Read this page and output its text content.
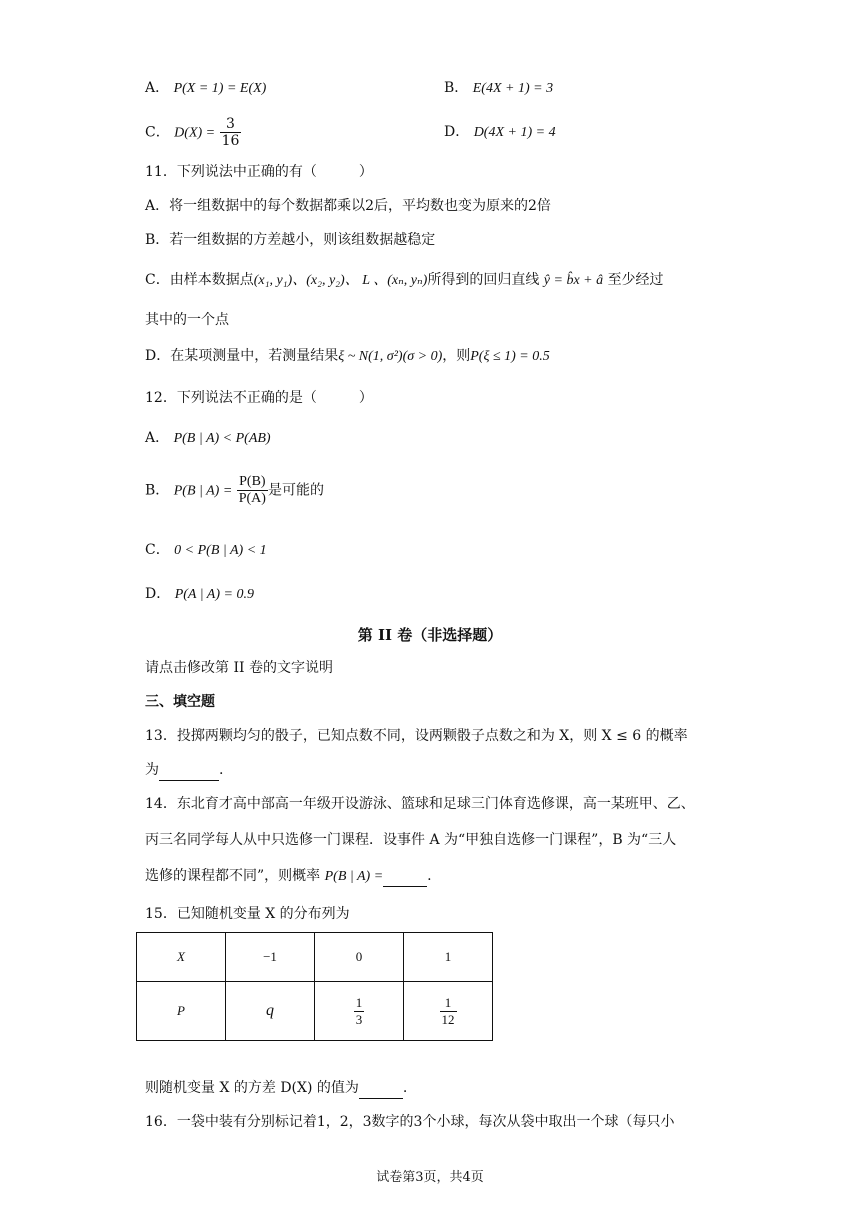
A． P(X = 1) = E(X)	B． E(4X + 1) = 3
C． $D(X) = \frac{3}{16}$	D． D(4X + 1) = 4
11．下列说法中正确的有（　　　）
A．将一组数据中的每个数据都乘以2后，平均数也变为原来的2倍
B．若一组数据的方差越小，则该组数据越稳定
C．由样本数据点(x₁, y₁)、(x₂, y₂)、 L 、(xₙ, yₙ)所得到的回归直线 ŷ = b̂x + â 至少经过
其中的一个点
D．在某项测量中，若测量结果ξ ~ N(1, σ²)(σ > 0)，则P(ξ ≤ 1) = 0.5
12．下列说法不正确的是（　　　）
A． P(B | A) < P(AB)
B． P(B | $A) = \frac{P(B)}{P(A)}$ 是可能的
C． 0 < P(B | A) < 1
D． P(A | A) = 0.9
第 II 卷（非选择题）
请点击修改第 II 卷的文字说明
三、填空题
13．投掷两颗均匀的骰子，已知点数不同，设两颗骰子点数之和为 X，则 X ≤ 6 的概率
为	.
14．东北育才高中部高一年级开设游泳、篮球和足球三门体育选修课，高一某班甲、乙、
丙三名同学每人从中只选修一门课程．设事件 A 为“甲独自选修一门课程”，B 为“三人
选修的课程都不同”，则概率 P(B | A) =	.
15．已知随机变量 X 的分布列为
X	−1	0	1
P	q	$\frac{1}{3}$	$\frac{1}{12}$
则随机变量 X 的方差 D(X) 的值为	.
16．一袋中装有分别标记着1，2，3数字的3个小球，每次从袋中取出一个球（每只小
试卷第3页，共4页
